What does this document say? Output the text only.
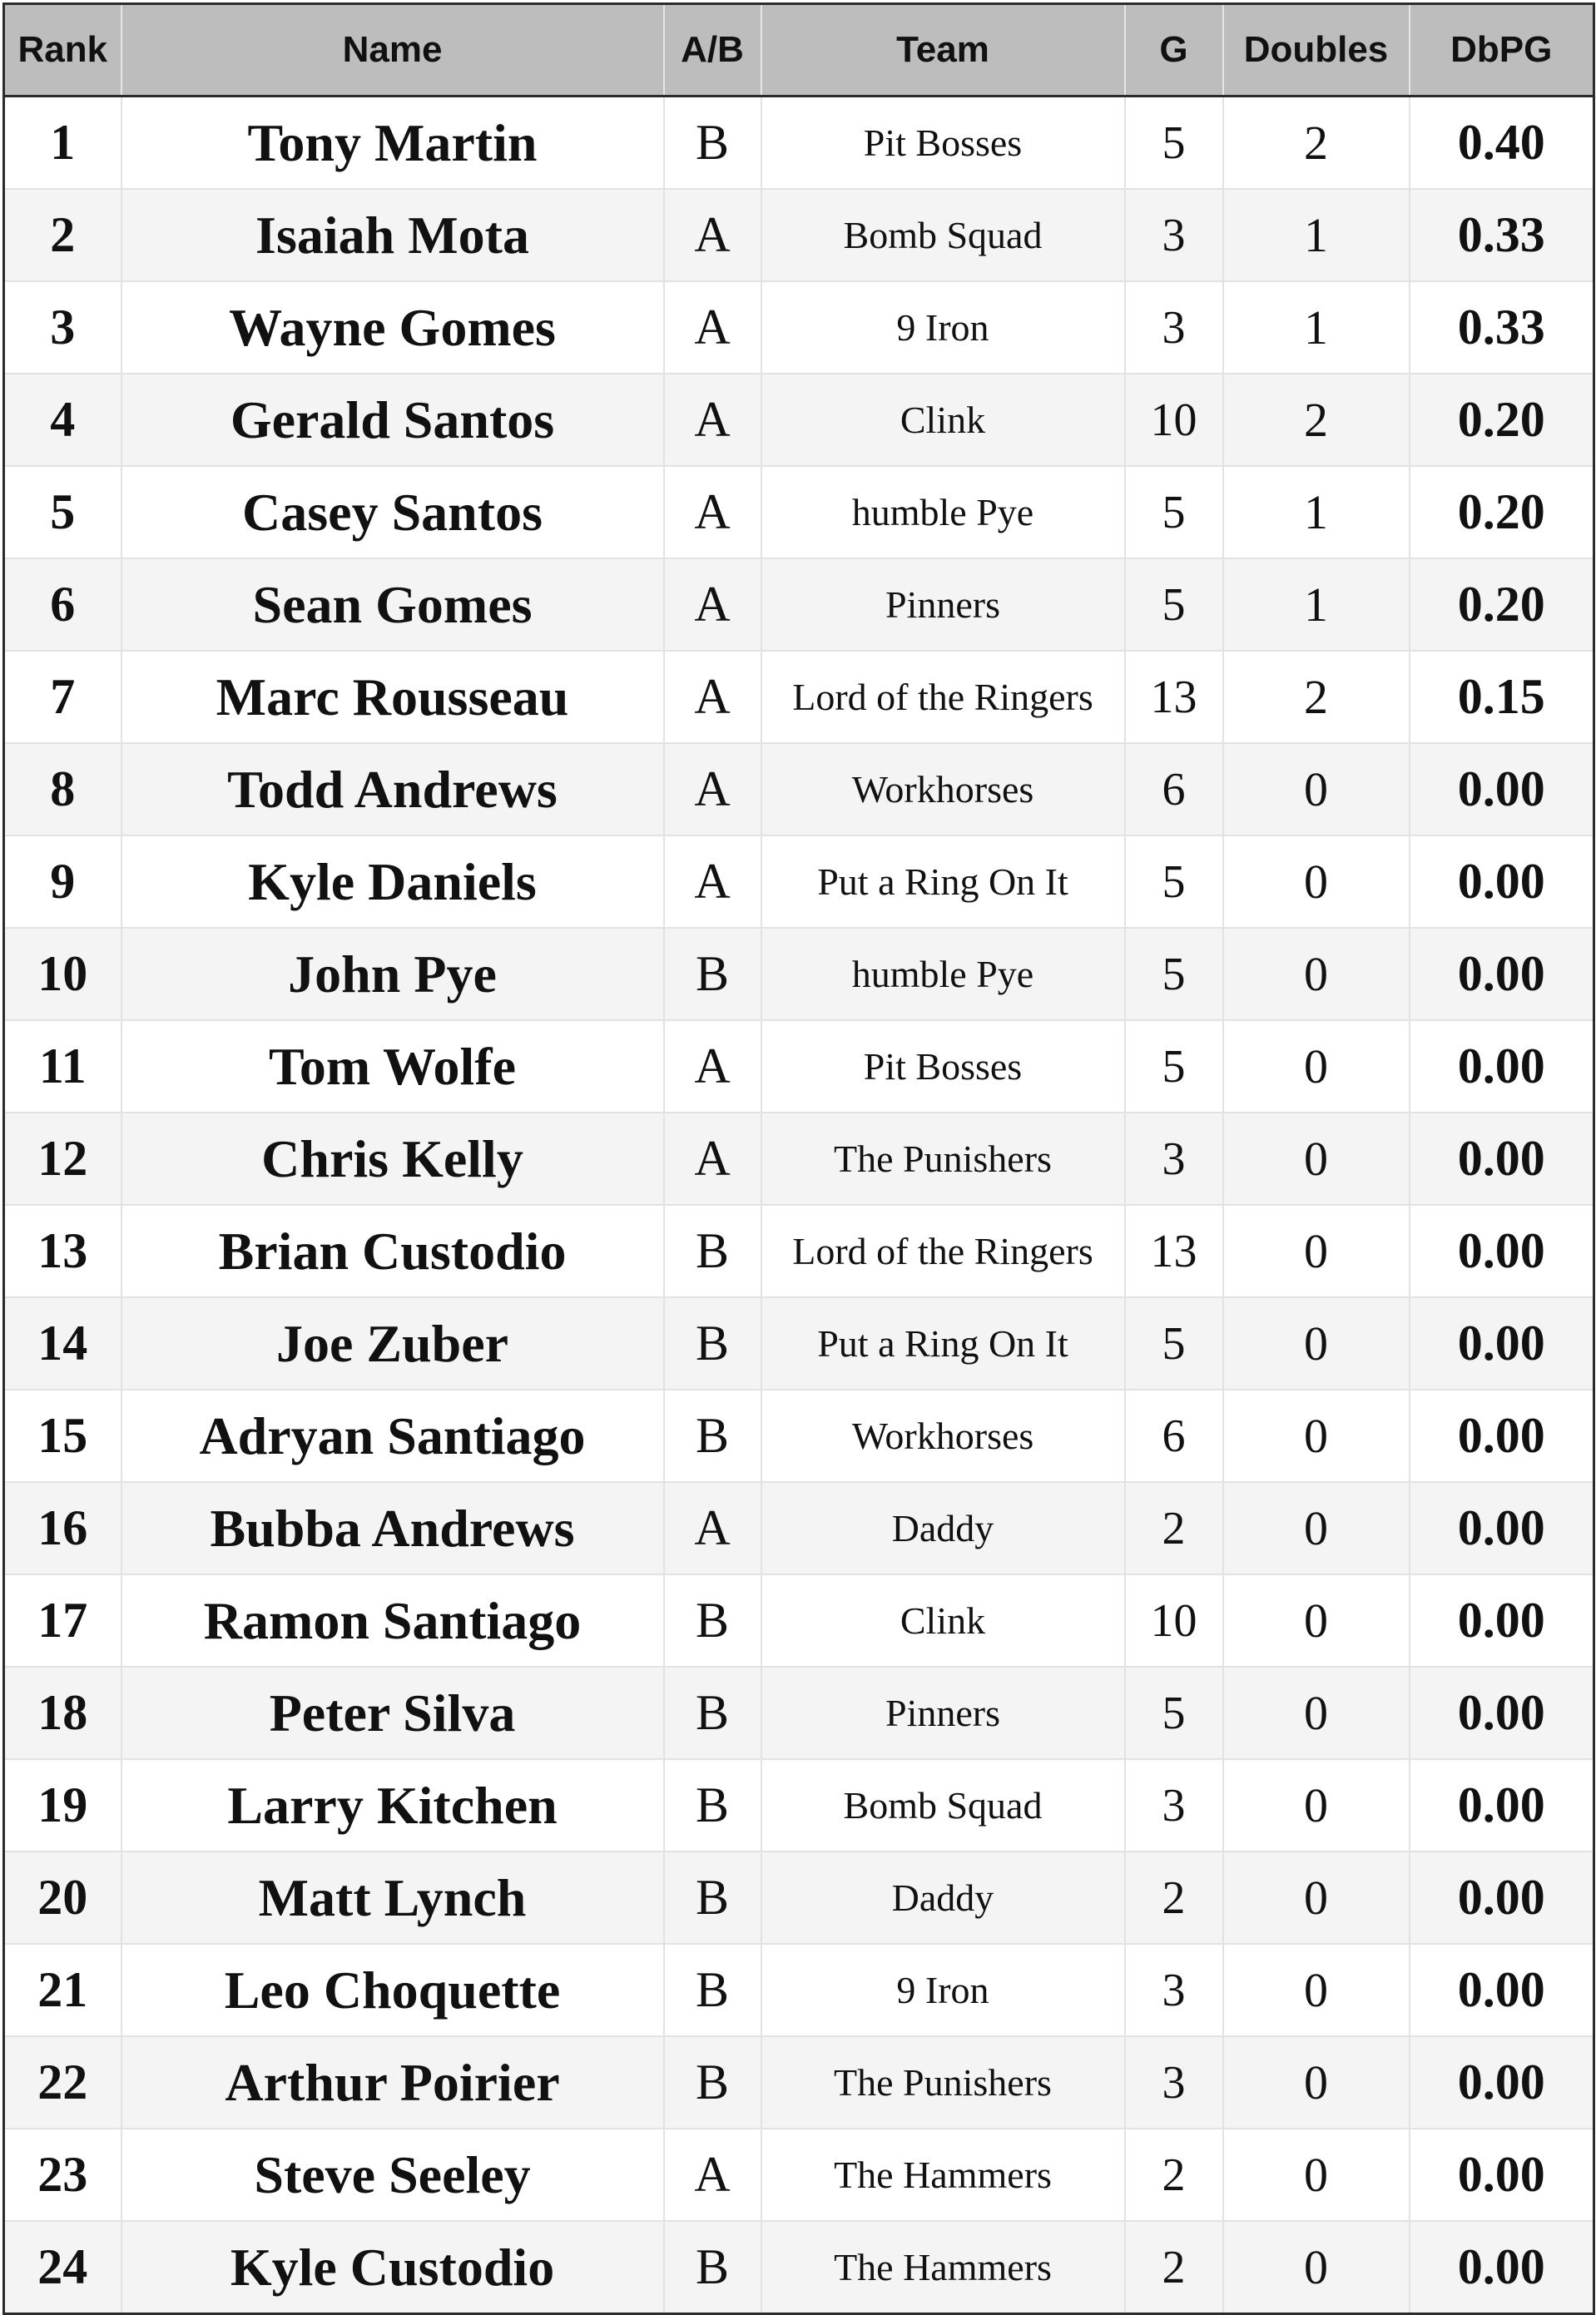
Rank	Name	A/B	Team	G	Doubles	DbPG
1	Tony Martin	B	Pit Bosses	5	2	0.40
2	Isaiah Mota	A	Bomb Squad	3	1	0.33
3	Wayne Gomes	A	9 Iron	3	1	0.33
4	Gerald Santos	A	Clink	10	2	0.20
5	Casey Santos	A	humble Pye	5	1	0.20
6	Sean Gomes	A	Pinners	5	1	0.20
7	Marc Rousseau	A	Lord of the Ringers	13	2	0.15
8	Todd Andrews	A	Workhorses	6	0	0.00
9	Kyle Daniels	A	Put a Ring On It	5	0	0.00
10	John Pye	B	humble Pye	5	0	0.00
11	Tom Wolfe	A	Pit Bosses	5	0	0.00
12	Chris Kelly	A	The Punishers	3	0	0.00
13	Brian Custodio	B	Lord of the Ringers	13	0	0.00
14	Joe Zuber	B	Put a Ring On It	5	0	0.00
15	Adryan Santiago	B	Workhorses	6	0	0.00
16	Bubba Andrews	A	Daddy	2	0	0.00
17	Ramon Santiago	B	Clink	10	0	0.00
18	Peter Silva	B	Pinners	5	0	0.00
19	Larry Kitchen	B	Bomb Squad	3	0	0.00
20	Matt Lynch	B	Daddy	2	0	0.00
21	Leo Choquette	B	9 Iron	3	0	0.00
22	Arthur Poirier	B	The Punishers	3	0	0.00
23	Steve Seeley	A	The Hammers	2	0	0.00
24	Kyle Custodio	B	The Hammers	2	0	0.00
